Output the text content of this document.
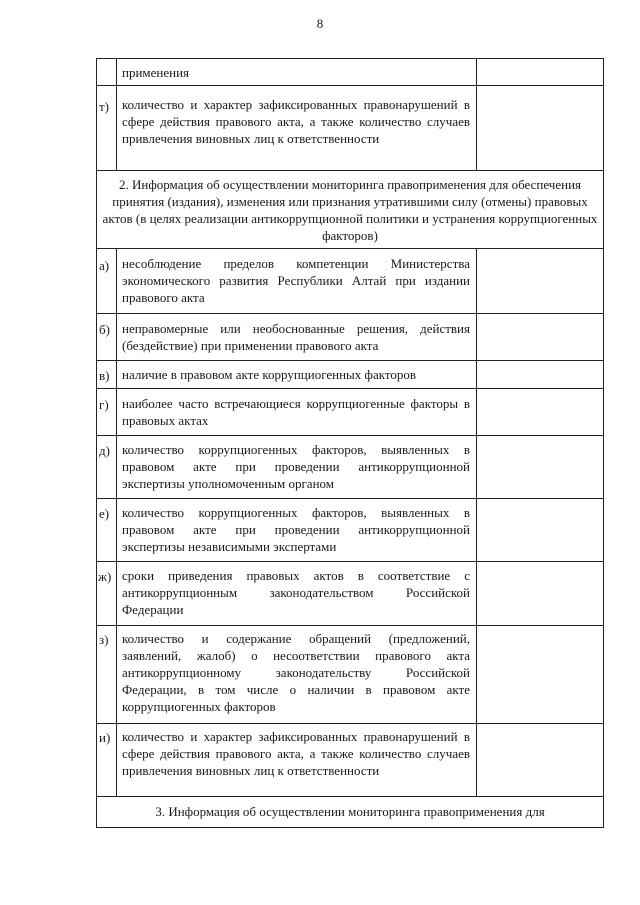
8
применения
т) количество и характер зафиксированных правонарушений в сфере действия правового акта, а также количество случаев привлечения виновных лиц к ответственности
2. Информация об осуществлении мониторинга правоприменения для обеспечения принятия (издания), изменения или признания утратившими силу (отмены) правовых актов (в целях реализации антикоррупционной политики и устранения коррупциогенных факторов)
а) несоблюдение пределов компетенции Министерства экономического развития Республики Алтай при издании правового акта
б) неправомерные или необоснованные решения, действия (бездействие) при применении правового акта
в) наличие в правовом акте коррупциогенных факторов
г) наиболее часто встречающиеся коррупциогенные факторы в правовых актах
д) количество коррупциогенных факторов, выявленных в правовом акте при проведении антикоррупционной экспертизы уполномоченным органом
е) количество коррупциогенных факторов, выявленных в правовом акте при проведении антикоррупционной экспертизы независимыми экспертами
ж) сроки приведения правовых актов в соответствие с антикоррупционным законодательством Российской Федерации
з) количество и содержание обращений (предложений, заявлений, жалоб) о несоответствии правового акта антикоррупционному законодательству Российской Федерации, в том числе о наличии в правовом акте коррупциогенных факторов
и) количество и характер зафиксированных правонарушений в сфере действия правового акта, а также количество случаев привлечения виновных лиц к ответственности
3. Информация об осуществлении мониторинга правоприменения для
